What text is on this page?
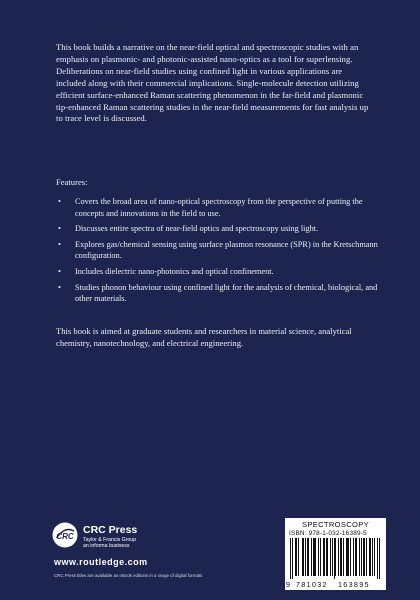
This book builds a narrative on the near-field optical and spectroscopic studies with an emphasis on plasmonic- and photonic-assisted nano-optics as a tool for superlensing. Deliberations on near-field studies using confined light in various applications are included along with their commercial implications. Single-molecule detection utilizing efficient surface-enhanced Raman scattering phenomenon in the far-field and plasmonic tip-enhanced Raman scattering studies in the near-field measurements for fast analysis up to trace level is discussed.

Features:
• Covers the broad area of nano-optical spectroscopy from the perspective of putting the concepts and innovations in the field to use.
• Discusses entire spectra of near-field optics and spectroscopy using light.
• Explores gas/chemical sensing using surface plasmon resonance (SPR) in the Kretschmann configuration.
• Includes dielectric nano-photonics and optical confinement.
• Studies phonon behaviour using confined light for the analysis of chemical, biological, and other materials.
This book is aimed at graduate students and researchers in material science, analytical chemistry, nanotechnology, and electrical engineering.
CRC
CRC Press
Taylor & Francis Group
an informa business
www.routledge.com
CRC Press titles are available as eBook editions in a range of digital formats
SPECTROSCOPY
ISBN: 978-1-032-16389-5
9 781032 163895
